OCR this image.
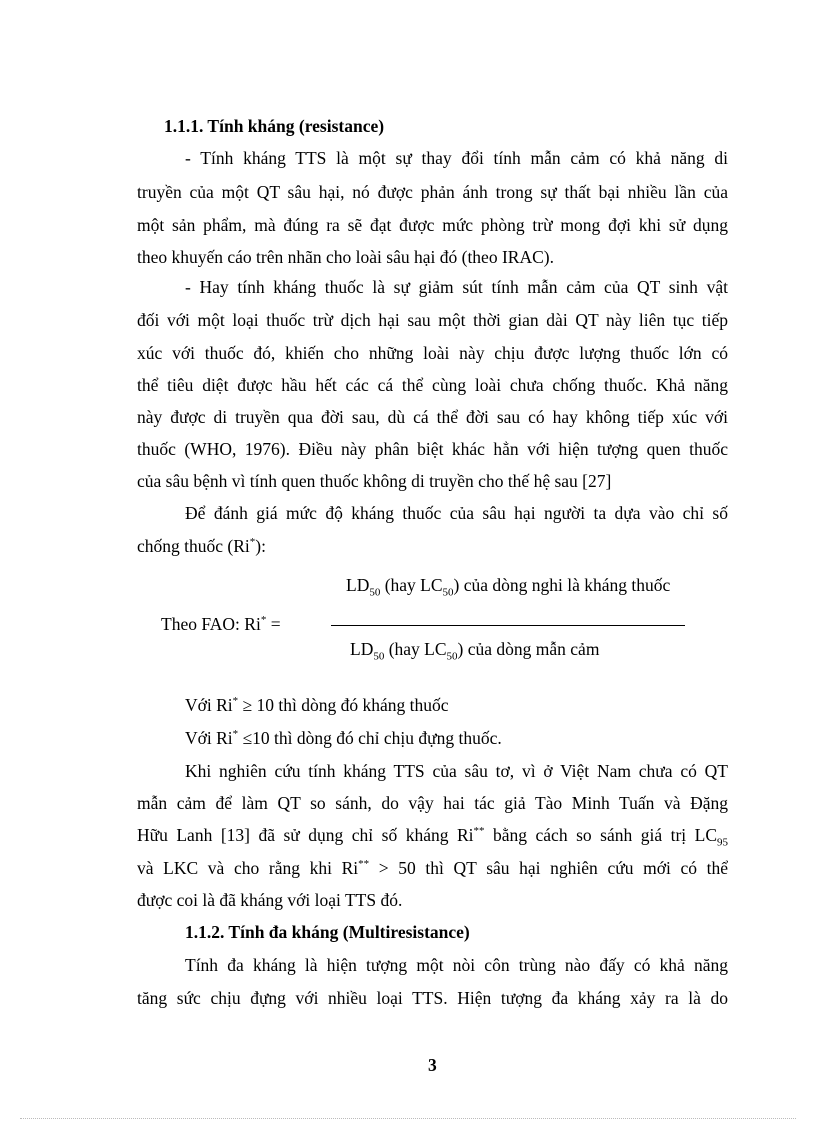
1.1.1. Tính kháng (resistance)
- Tính kháng TTS là một sự thay đổi tính mẫn cảm có khả năng di
truyền của một QT sâu hại, nó được phản ánh trong sự thất bại nhiều lần của
một sản phẩm, mà đúng ra sẽ đạt được mức phòng trừ mong đợi khi sử dụng
theo khuyến cáo trên nhãn cho loài sâu hại đó (theo IRAC).
- Hay tính kháng thuốc là sự giảm sút tính mẫn cảm của QT sinh vật
đối với một loại thuốc trừ dịch hại sau một thời gian dài QT này liên tục tiếp
xúc với thuốc đó, khiến cho những loài này chịu được lượng thuốc lớn có
thể tiêu diệt được hầu hết các cá thể cùng loài chưa chống thuốc. Khả năng
này được di truyền qua đời sau, dù cá thể đời sau có hay không tiếp xúc với
thuốc (WHO, 1976). Điều này phân biệt khác hẳn với hiện tượng quen thuốc
của sâu bệnh vì tính quen thuốc không di truyền cho thế hệ sau [27]
Để đánh giá mức độ kháng thuốc của sâu hại người ta dựa vào chỉ số
chống thuốc (Ri*):
$LD_{50}$ (hay $LC_{50}$) của dòng nghi là kháng thuốc
Theo FAO: Ri* =
$LD_{50}$ (hay $LC_{50}$) của dòng mẫn cảm
Với Ri* ≥ 10 thì dòng đó kháng thuốc
Với Ri* ≤10 thì dòng đó chỉ chịu đựng thuốc.
Khi nghiên cứu tính kháng TTS của sâu tơ, vì ở Việt Nam chưa có QT
mẫn cảm để làm QT so sánh, do vậy hai tác giả Tào Minh Tuấn và Đặng
Hữu Lanh [13] đã sử dụng chỉ số kháng Ri** bằng cách so sánh giá trị $LC_{95}$
và LKC và cho rằng khi Ri** > 50 thì QT sâu hại nghiên cứu mới có thể
được coi là đã kháng với loại TTS đó.
1.1.2. Tính đa kháng (Multiresistance)
Tính đa kháng là hiện tượng một nòi côn trùng nào đấy có khả năng
tăng sức chịu đựng với nhiều loại TTS. Hiện tượng đa kháng xảy ra là do
3
